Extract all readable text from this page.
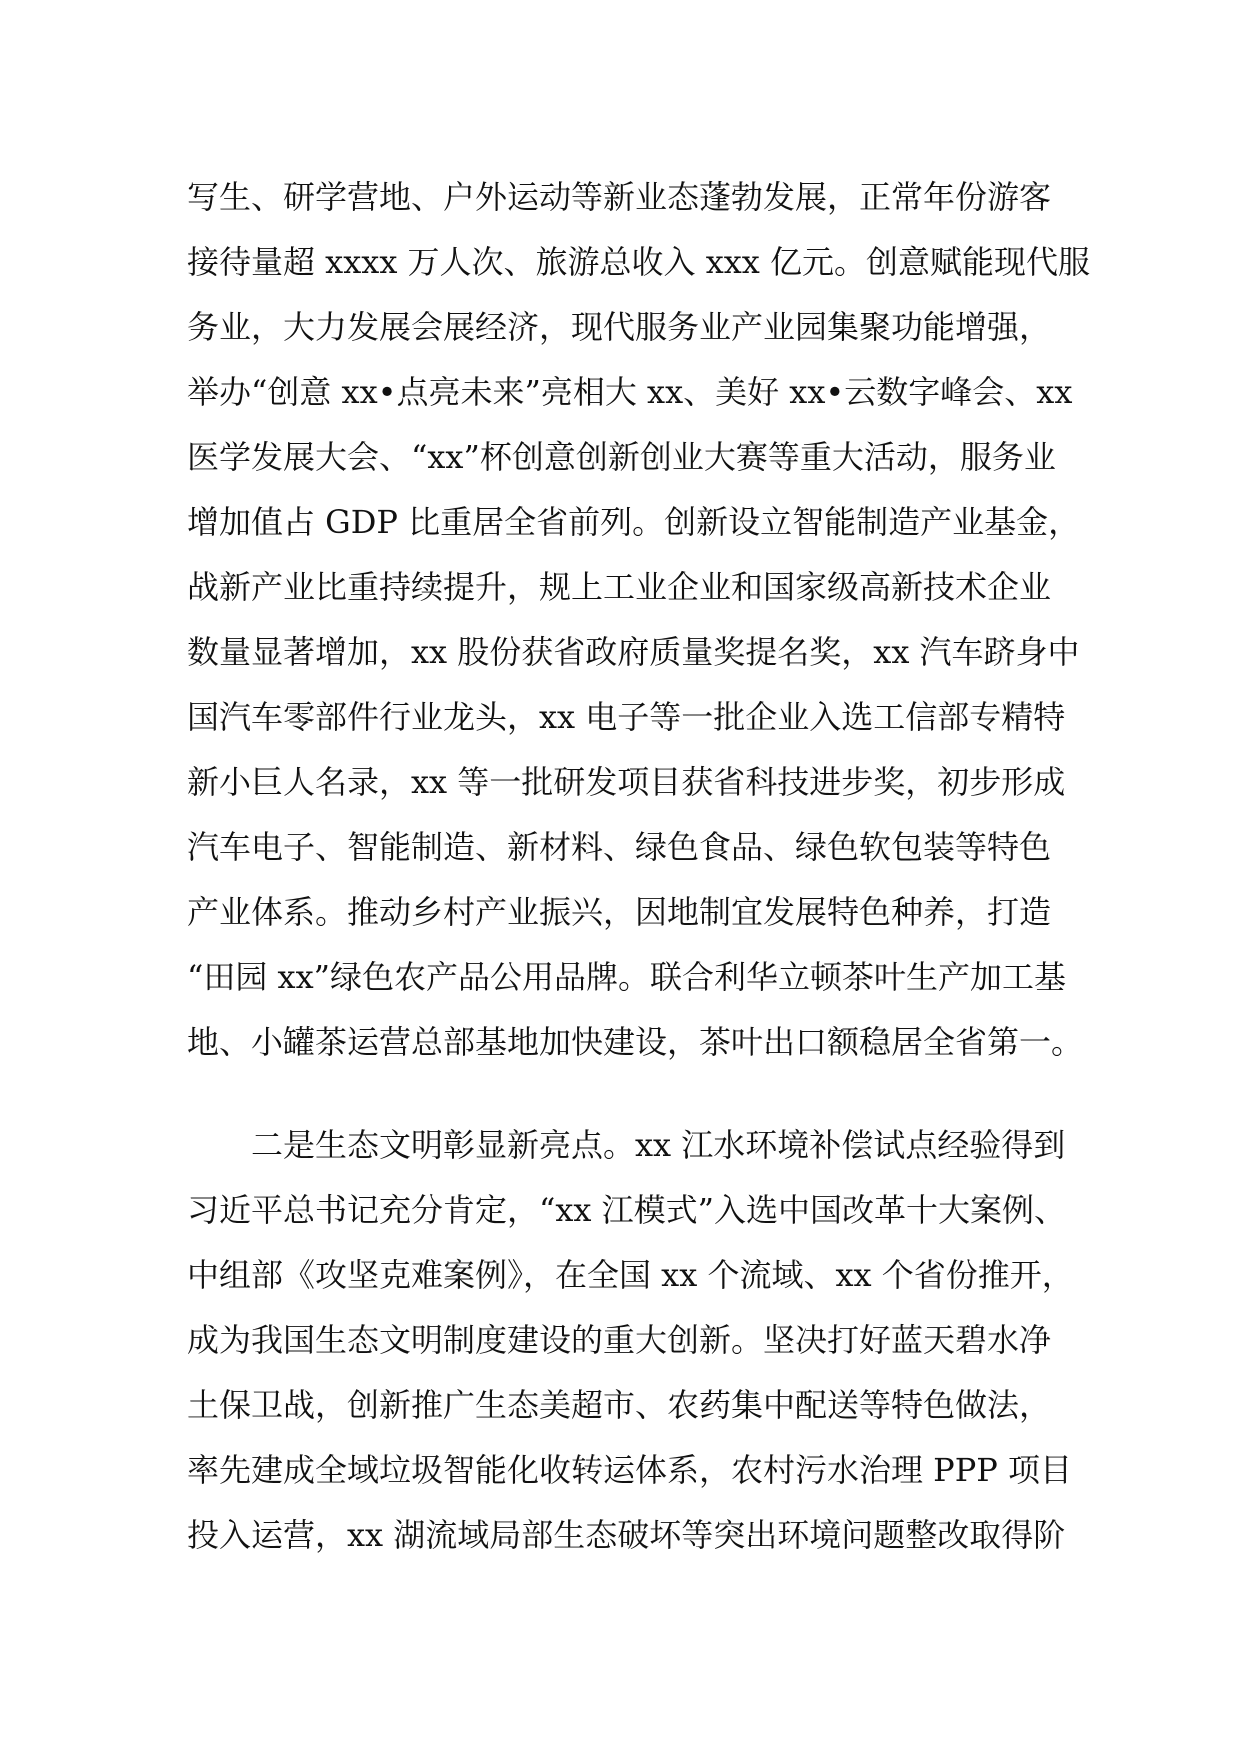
写生、研学营地、户外运动等新业态蓬勃发展，正常年份游客
接待量超 xxxx 万人次、旅游总收入 xxx 亿元。创意赋能现代服
务业，大力发展会展经济，现代服务业产业园集聚功能增强，
举办“创意 xx•点亮未来”亮相大 xx、美好 xx•云数字峰会、xx
医学发展大会、“xx”杯创意创新创业大赛等重大活动，服务业
增加值占 GDP 比重居全省前列。创新设立智能制造产业基金，
战新产业比重持续提升，规上工业企业和国家级高新技术企业
数量显著增加，xx 股份获省政府质量奖提名奖，xx 汽车跻身中
国汽车零部件行业龙头，xx 电子等一批企业入选工信部专精特
新小巨人名录，xx 等一批研发项目获省科技进步奖，初步形成
汽车电子、智能制造、新材料、绿色食品、绿色软包装等特色
产业体系。推动乡村产业振兴，因地制宜发展特色种养，打造
“田园 xx”绿色农产品公用品牌。联合利华立顿茶叶生产加工基
地、小罐茶运营总部基地加快建设，茶叶出口额稳居全省第一。
二是生态文明彰显新亮点。xx 江水环境补偿试点经验得到
习近平总书记充分肯定，“xx 江模式”入选中国改革十大案例、
中组部《攻坚克难案例》，在全国 xx 个流域、xx 个省份推开，
成为我国生态文明制度建设的重大创新。坚决打好蓝天碧水净
土保卫战，创新推广生态美超市、农药集中配送等特色做法，
率先建成全域垃圾智能化收转运体系，农村污水治理 PPP 项目
投入运营，xx 湖流域局部生态破坏等突出环境问题整改取得阶
